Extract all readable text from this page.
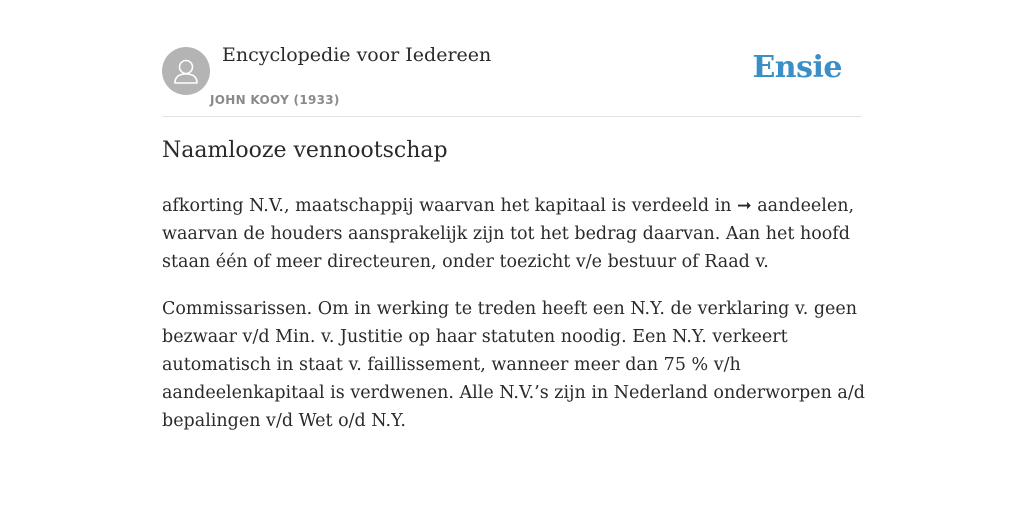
Encyclopedie voor Iedereen
JOHN KOOY (1933)
Ensie
Naamlooze vennootschap

afkorting N.V., maatschappij waarvan het kapitaal is verdeeld in ➞ aandeelen, waarvan de houders aansprakelijk zijn tot het bedrag daarvan. Aan het hoofd staan één of meer directeuren, onder toezicht v/e bestuur of Raad v.

Commissarissen. Om in werking te treden heeft een N.Y. de verklaring v. geen bezwaar v/d Min. v. Justitie op haar statuten noodig. Een N.Y. verkeert automatisch in staat v. faillissement, wanneer meer dan 75 % v/h aandeelenkapitaal is verdwenen. Alle N.V.’s zijn in Nederland onderworpen a/d bepalingen v/d Wet o/d N.Y.
